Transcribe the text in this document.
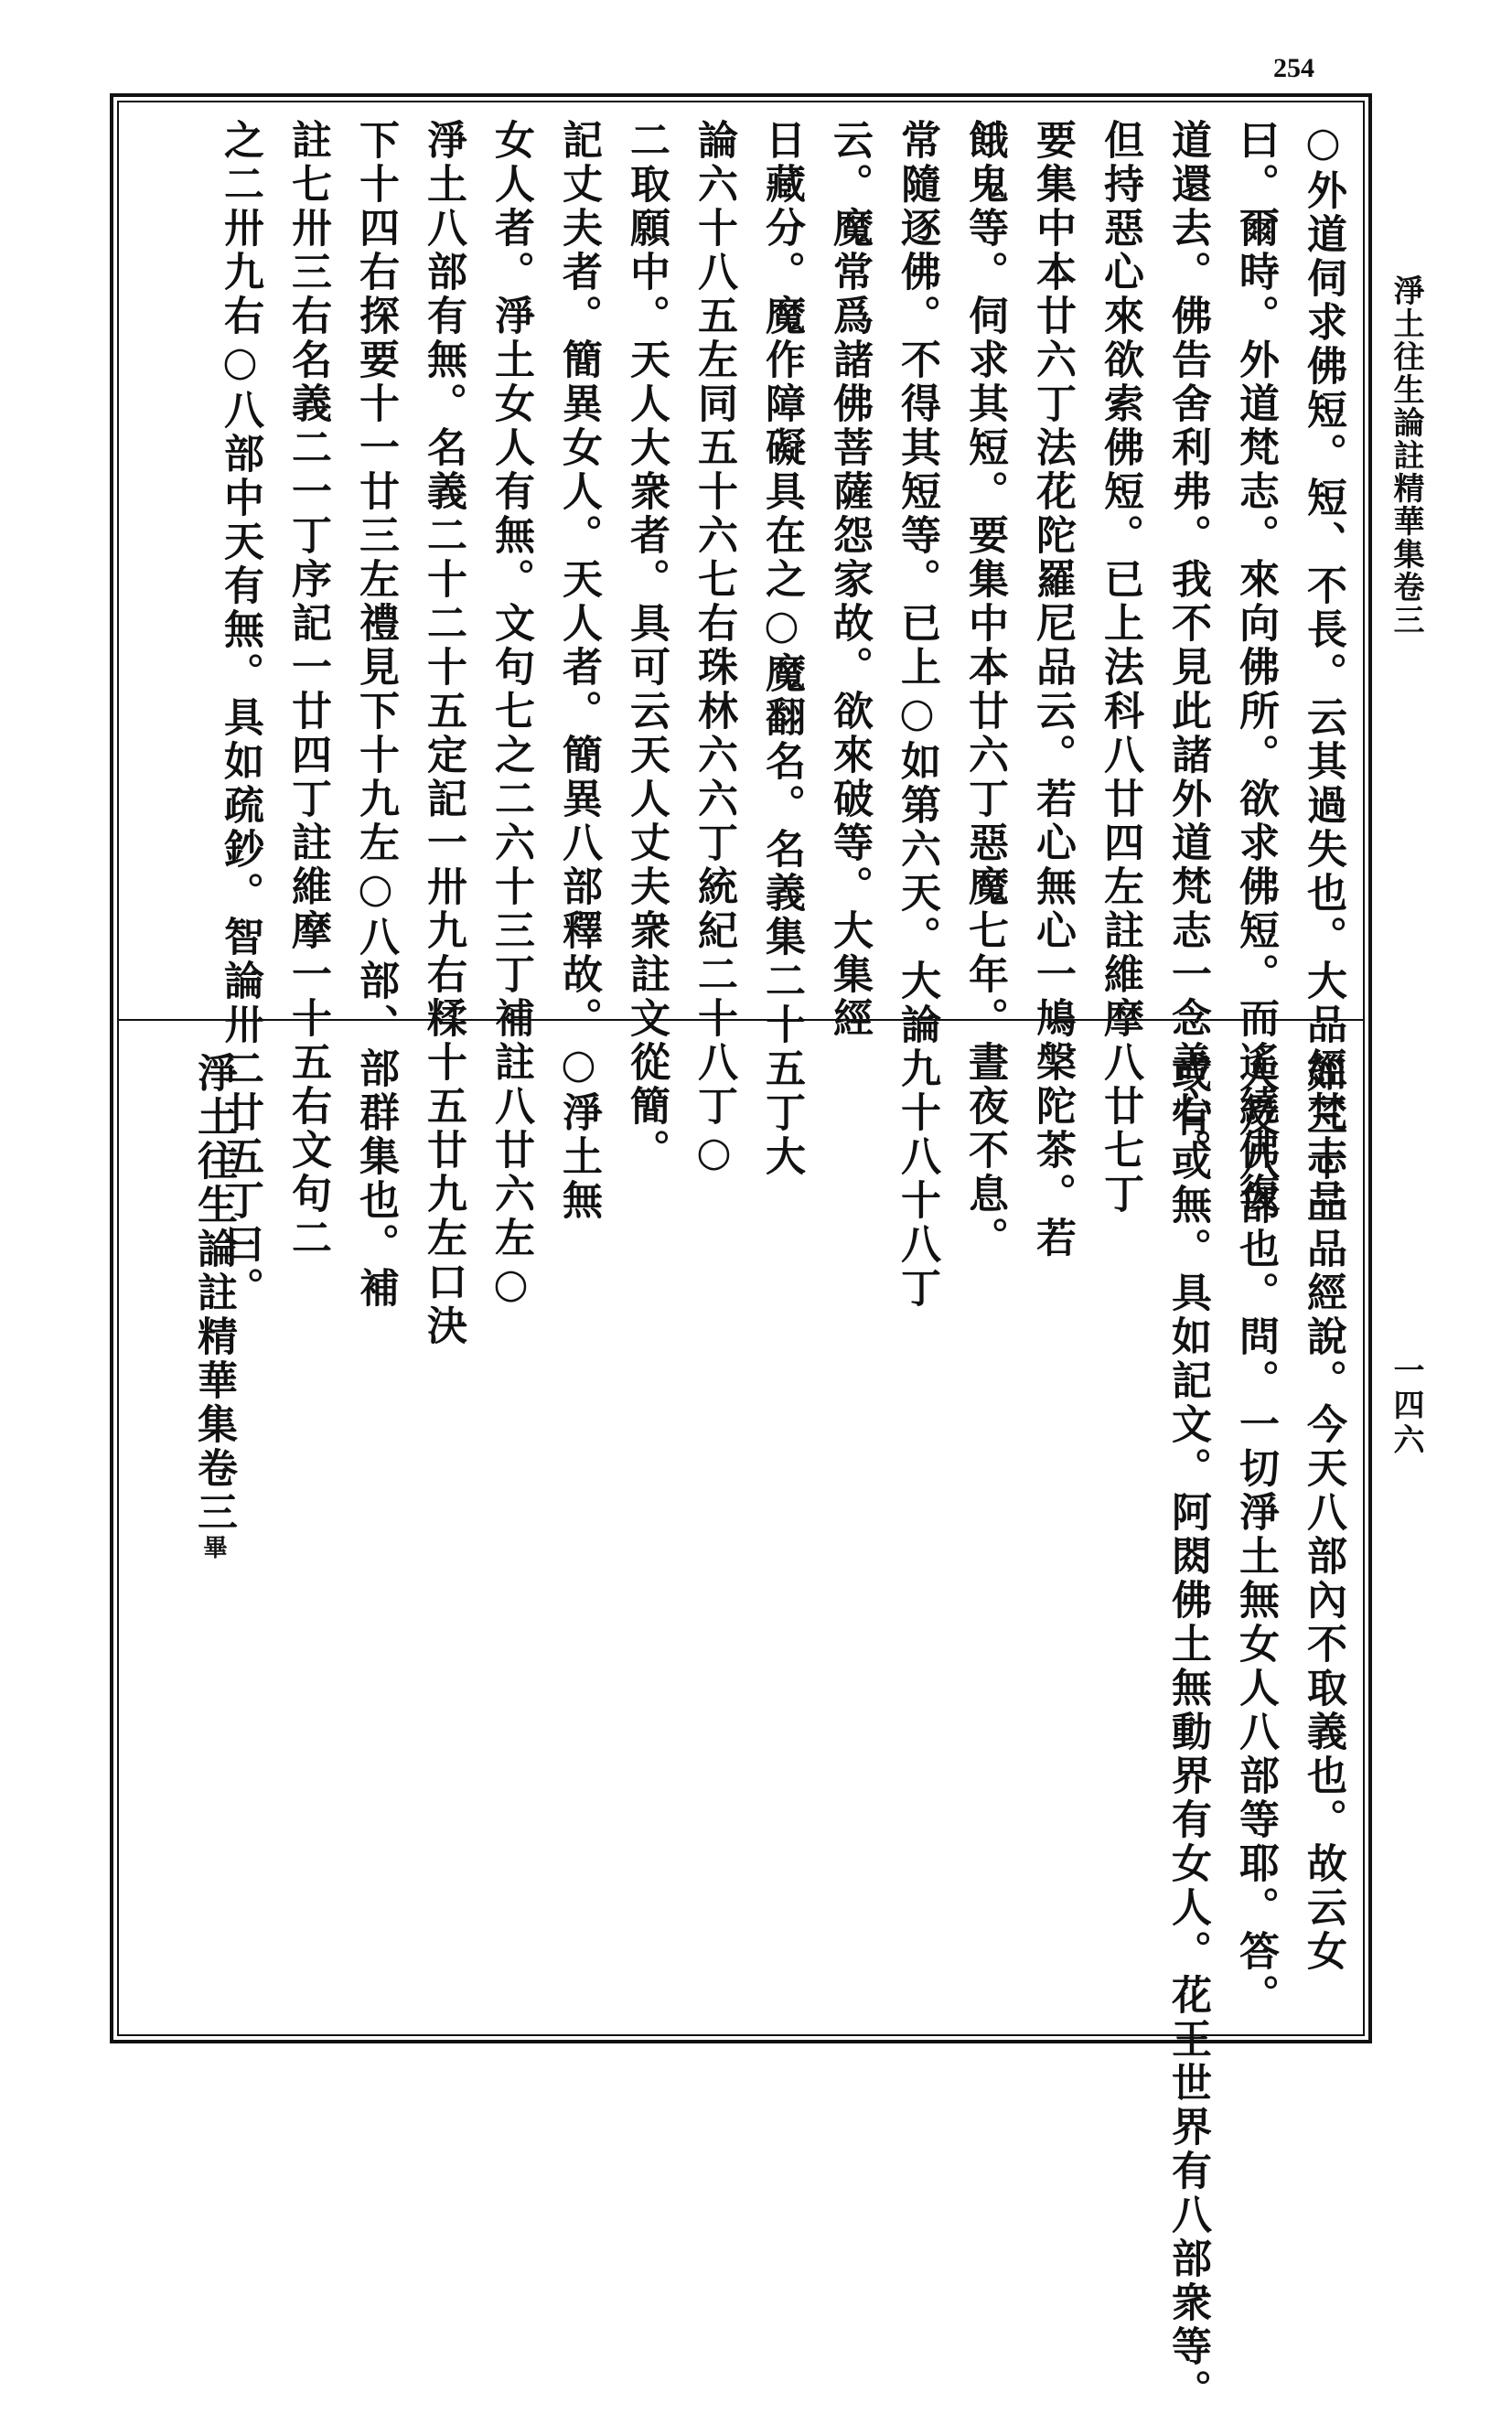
254
淨土往生論註精華集卷三
一四六
○外道伺求佛短。短、不長。云其過失也。大品經梵志品
曰。爾時。外道梵志。來向佛所。欲求佛短。而遙繞佛復
道還去。佛告舍利弗。我不見此諸外道梵志一念善心。
但持惡心來欲索佛短。已上法科八廿四左註維摩八廿七丁
要集中本廿六丁法花陀羅尼品云。若心無心一鳩槃陀茶。若
餓鬼等。伺求其短。要集中本廿六丁惡魔七年。晝夜不息。
常隨逐佛。不得其短等。已上○如第六天。大論九十八十八丁
云。魔常爲諸佛菩薩怨家故。欲來破等。大集經
日藏分。魔作障礙具在之○魔翻名。名義集二十五丁大
論六十八五左同五十六七右珠林六六丁統紀二十八丁○
二取願中。天人大衆者。具可云天人丈夫衆註文從簡。
記丈夫者。簡異女人。天人者。簡異八部釋故。○淨土無
女人者。淨土女人有無。文句七之二六十三丁補註八廿六左○
淨土八部有無。名義二十二十五定記一卅九右糅十五廿九左口決
下十四右探要十一廿三左禮見下十九左○八部、部群集也。補
註七卅三右名義二一丁序記一廿四丁註維摩一十五右文句二
之二卅九右○八部中天有無。具如疏鈔。智論卅二廿五丁曰。
如三十三品經說。今天八部內不取義也。故云女
人及八部也。問。一切淨土無女人八部等耶。答。
或有或無。具如記文。阿閦佛土無動界有女人。花王世界有八部衆等。
淨土往生論註精華集卷三畢
